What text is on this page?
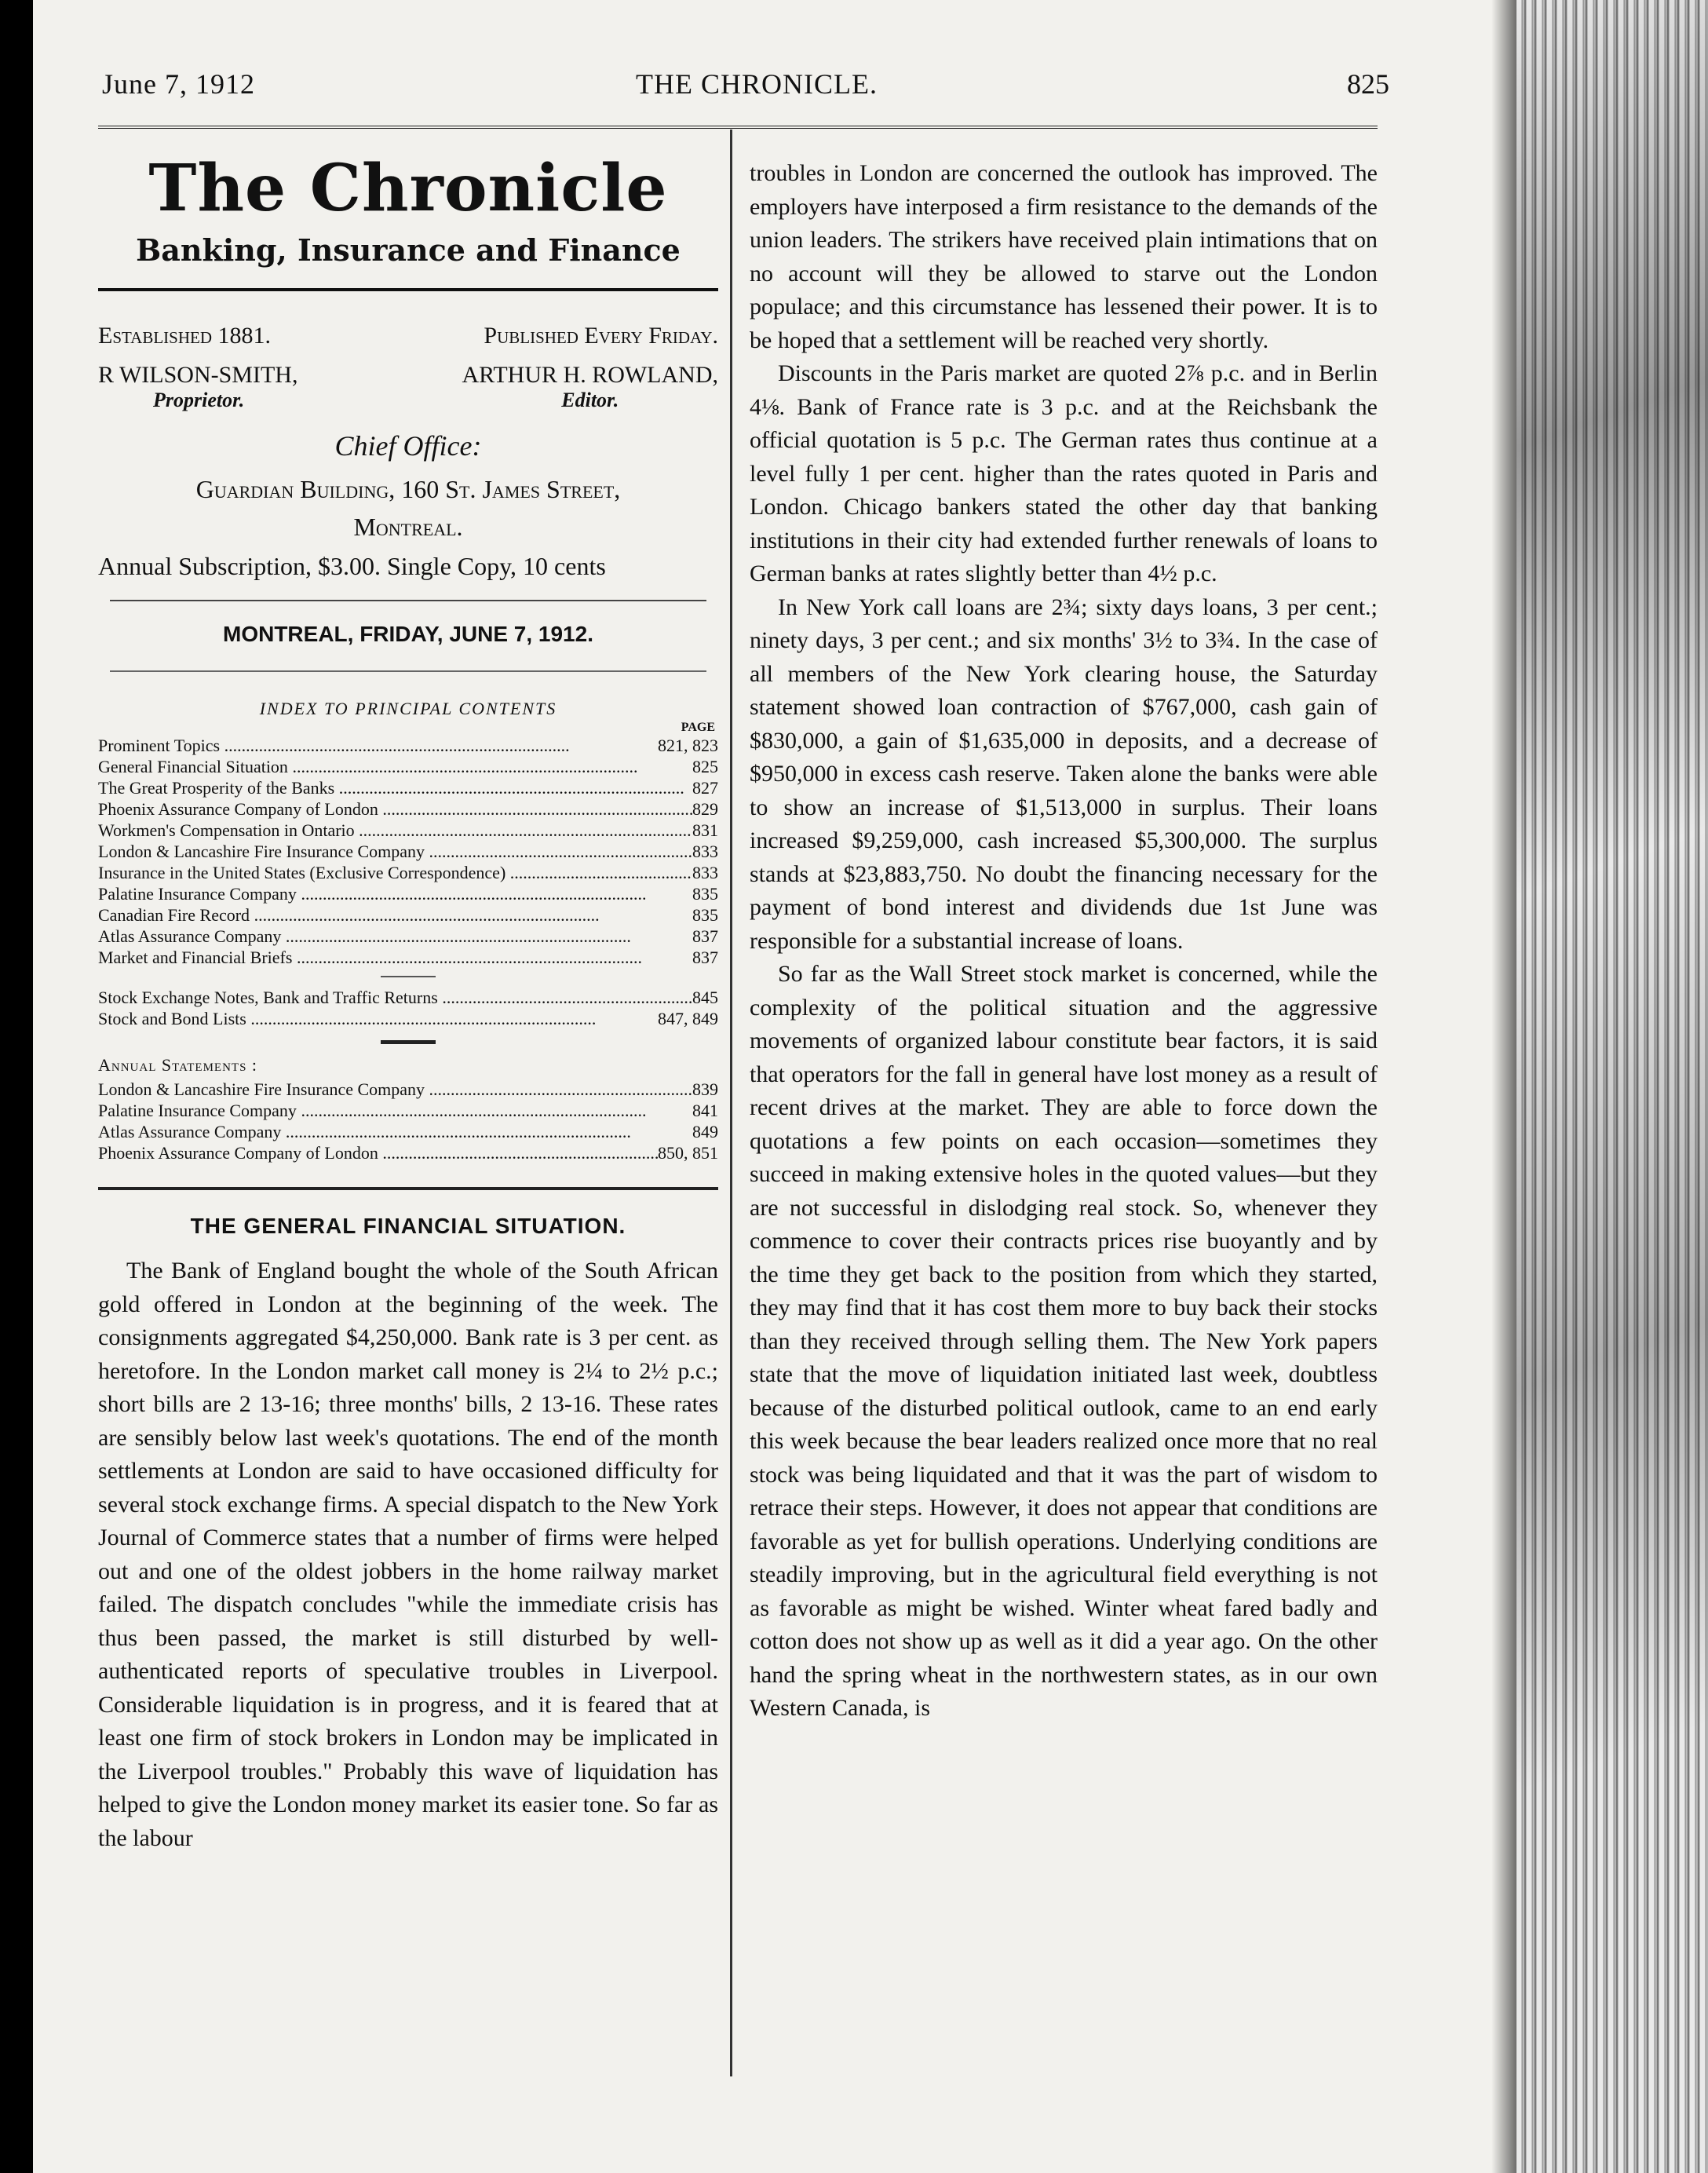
June 7, 1912	THE CHRONICLE.	825
The Chronicle
Banking, Insurance and Finance
Established 1881.	Published Every Friday.
R WILSON-SMITH,
Proprietor.
ARTHUR H. ROWLAND,
Editor.
Chief Office:
Guardian Building, 160 St. James Street,
Montreal.
Annual Subscription, $3.00. Single Copy, 10 cents
MONTREAL, FRIDAY, JUNE 7, 1912.
INDEX TO PRINCIPAL CONTENTS
PAGE
Prominent Topics .....	821, 823
General Financial Situation .....	825
The Great Prosperity of the Banks .....	827
Phoenix Assurance Company of London .....	829
Workmen's Compensation in Ontario .....	831
London & Lancashire Fire Insurance Company .....	833
Insurance in the United States (Exclusive Correspondence) .....	833
Palatine Insurance Company .....	835
Canadian Fire Record .....	835
Atlas Assurance Company .....	837
Market and Financial Briefs .....	837
Stock Exchange Notes, Bank and Traffic Returns .....	845
Stock and Bond Lists .....	847, 849
Annual Statements :
London & Lancashire Fire Insurance Company .....	839
Palatine Insurance Company .....	841
Atlas Assurance Company .....	849
Phoenix Assurance Company of London .....	850, 851
THE GENERAL FINANCIAL SITUATION.

The Bank of England bought the whole of the South African gold offered in London at the beginning of the week. The consignments aggregated $4,250,000. Bank rate is 3 per cent. as heretofore. In the London market call money is 2¼ to 2½ p.c.; short bills are 2 13-16; three months' bills, 2 13-16. These rates are sensibly below last week's quotations. The end of the month settlements at London are said to have occasioned difficulty for several stock exchange firms. A special dispatch to the New York Journal of Commerce states that a number of firms were helped out and one of the oldest jobbers in the home railway market failed. The dispatch concludes "while the immediate crisis has thus been passed, the market is still disturbed by well-authenticated reports of speculative troubles in Liverpool. Considerable liquidation is in progress, and it is feared that at least one firm of stock brokers in London may be implicated in the Liverpool troubles." Probably this wave of liquidation has helped to give the London money market its easier tone. So far as the labour

troubles in London are concerned the outlook has improved. The employers have interposed a firm resistance to the demands of the union leaders. The strikers have received plain intimations that on no account will they be allowed to starve out the London populace; and this circumstance has lessened their power. It is to be hoped that a settlement will be reached very shortly.

Discounts in the Paris market are quoted 2⅞ p.c. and in Berlin 4⅛. Bank of France rate is 3 p.c. and at the Reichsbank the official quotation is 5 p.c. The German rates thus continue at a level fully 1 per cent. higher than the rates quoted in Paris and London. Chicago bankers stated the other day that banking institutions in their city had extended further renewals of loans to German banks at rates slightly better than 4½ p.c.

In New York call loans are 2¾; sixty days loans, 3 per cent.; ninety days, 3 per cent.; and six months' 3½ to 3¾. In the case of all members of the New York clearing house, the Saturday statement showed loan contraction of $767,000, cash gain of $830,000, a gain of $1,635,000 in deposits, and a decrease of $950,000 in excess cash reserve. Taken alone the banks were able to show an increase of $1,513,000 in surplus. Their loans increased $9,259,000, cash increased $5,300,000. The surplus stands at $23,883,750. No doubt the financing necessary for the payment of bond interest and dividends due 1st June was responsible for a substantial increase of loans.

So far as the Wall Street stock market is concerned, while the complexity of the political situation and the aggressive movements of organized labour constitute bear factors, it is said that operators for the fall in general have lost money as a result of recent drives at the market. They are able to force down the quotations a few points on each occasion—sometimes they succeed in making extensive holes in the quoted values—but they are not successful in dislodging real stock. So, whenever they commence to cover their contracts prices rise buoyantly and by the time they get back to the position from which they started, they may find that it has cost them more to buy back their stocks than they received through selling them. The New York papers state that the move of liquidation initiated last week, doubtless because of the disturbed political outlook, came to an end early this week because the bear leaders realized once more that no real stock was being liquidated and that it was the part of wisdom to retrace their steps. However, it does not appear that conditions are favorable as yet for bullish operations. Underlying conditions are steadily improving, but in the agricultural field everything is not as favorable as might be wished. Winter wheat fared badly and cotton does not show up as well as it did a year ago. On the other hand the spring wheat in the northwestern states, as in our own Western Canada, is
